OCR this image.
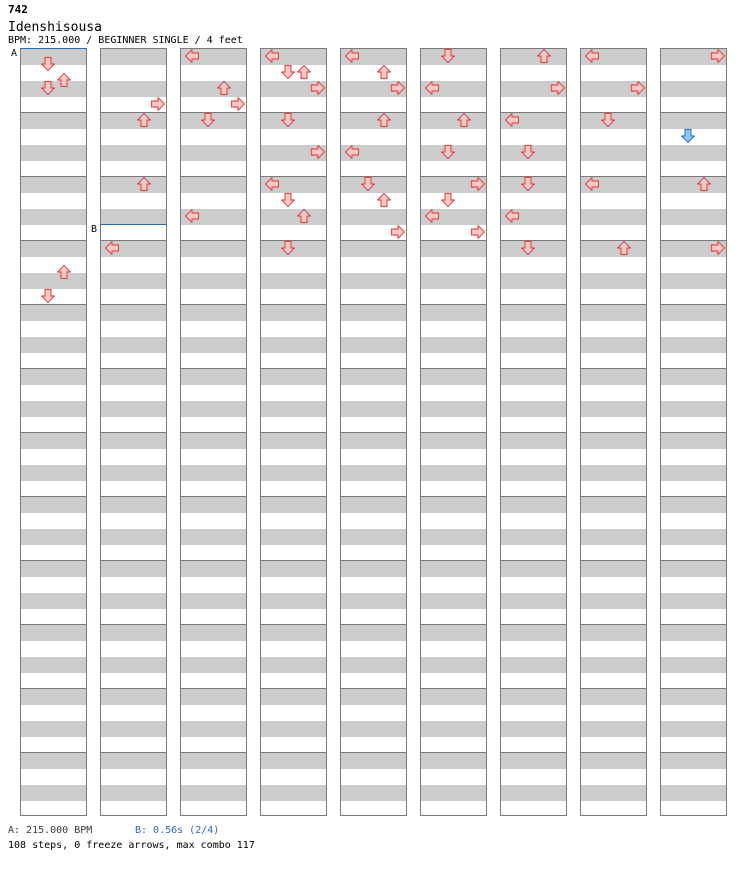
742
Idenshisousa
BPM: 215.000 / BEGINNER SINGLE / 4 feet
A
B
A: 215.000 BPM	B: 0.56s (2/4)
108 steps, 0 freeze arrows, max combo 117
